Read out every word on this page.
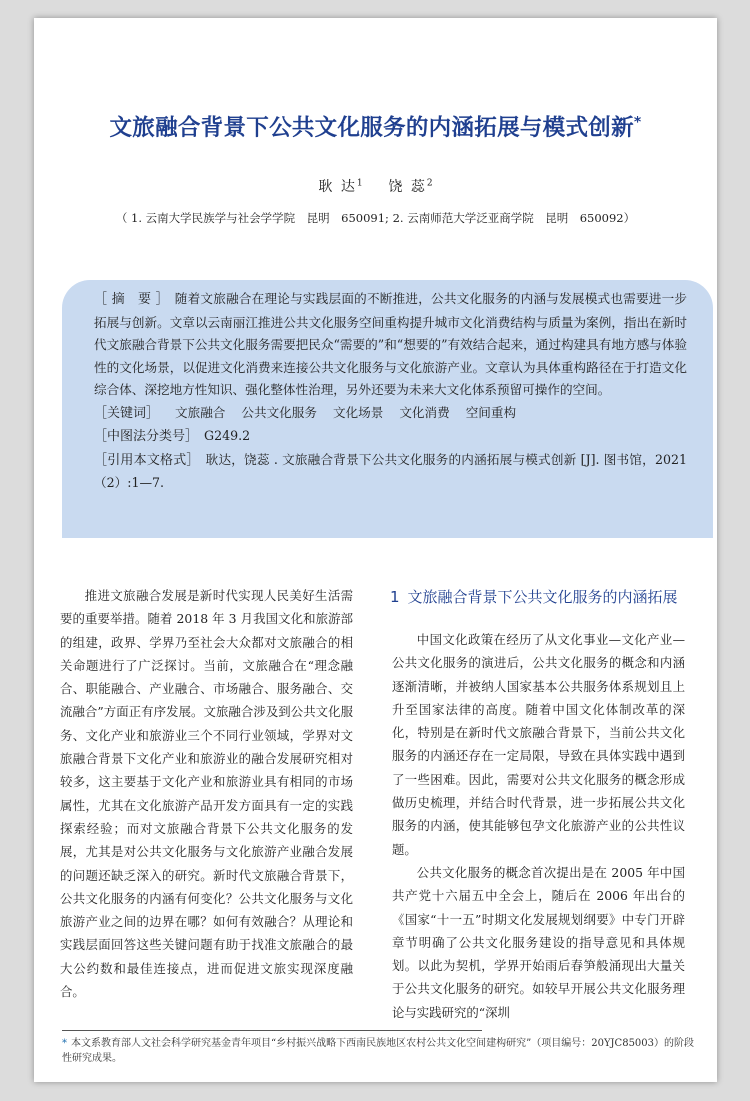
文旅融合背景下公共文化服务的内涵拓展与模式创新*
耿 达$^1$ 饶 蕊$^2$
（ 1. 云南大学民族学与社会学学院　昆明　650091; 2. 云南师范大学泛亚商学院　昆明　650092）

［ 摘　要 ］ 随着文旅融合在理论与实践层面的不断推进，公共文化服务的内涵与发展模式也需要进一步拓展与创新。文章以云南丽江推进公共文化服务空间重构提升城市文化消费结构与质量为案例，指出在新时代文旅融合背景下公共文化服务需要把民众“需要的”和“想要的”有效结合起来，通过构建具有地方感与体验性的文化场景，以促进文化消费来连接公共文化服务与文化旅游产业。文章认为具体重构路径在于打造文化综合体、深挖地方性知识、强化整体性治理，另外还要为未来大文化体系预留可操作的空间。

［关键词］ 文旅融合 公共文化服务 文化场景 文化消费 空间重构

［中图法分类号］ G249.2

［引用本文格式］ 耿达，饶蕊 . 文旅融合背景下公共文化服务的内涵拓展与模式创新 [J]. 图书馆，2021（2）:1—7.

推进文旅融合发展是新时代实现人民美好生活需要的重要举措。随着 2018 年 3 月我国文化和旅游部的组建，政界、学界乃至社会大众都对文旅融合的相关命题进行了广泛探讨。当前，文旅融合在“理念融合、职能融合、产业融合、市场融合、服务融合、交流融合”方面正有序发展。文旅融合涉及到公共文化服务、文化产业和旅游业三个不同行业领域，学界对文旅融合背景下文化产业和旅游业的融合发展研究相对较多，这主要基于文化产业和旅游业具有相同的市场属性，尤其在文化旅游产品开发方面具有一定的实践探索经验；而对文旅融合背景下公共文化服务的发展，尤其是对公共文化服务与文化旅游产业融合发展的问题还缺乏深入的研究。新时代文旅融合背景下，公共文化服务的内涵有何变化？公共文化服务与文化旅游产业之间的边界在哪？如何有效融合？从理论和实践层面回答这些关键问题有助于找准文旅融合的最大公约数和最佳连接点，进而促进文旅实现深度融合。

1 文旅融合背景下公共文化服务的内涵拓展

中国文化政策在经历了从文化事业—文化产业—公共文化服务的演进后，公共文化服务的概念和内涵逐渐清晰，并被纳人国家基本公共服务体系规划且上升至国家法律的高度。随着中国文化体制改革的深化，特别是在新时代文旅融合背景下，当前公共文化服务的内涵还存在一定局限，导致在具体实践中遇到了一些困难。因此，需要对公共文化服务的概念形成做历史梳理，并结合时代背景，进一步拓展公共文化服务的内涵，使其能够包孕文化旅游产业的公共性议题。

公共文化服务的概念首次提出是在 2005 年中国共产党十六届五中全会上，随后在 2006 年出台的《国家“十一五”时期文化发展规划纲要》中专门开辟章节明确了公共文化服务建设的指导意见和具体规划。以此为契机，学界开始雨后春笋般涌现出大量关于公共文化服务的研究。如较早开展公共文化服务理论与实践研究的“深圳

* 本文系教育部人文社会科学研究基金青年项目“乡村振兴战略下西南民族地区农村公共文化空间建构研究”（项目编号：20YJC85003）的阶段性研究成果。
